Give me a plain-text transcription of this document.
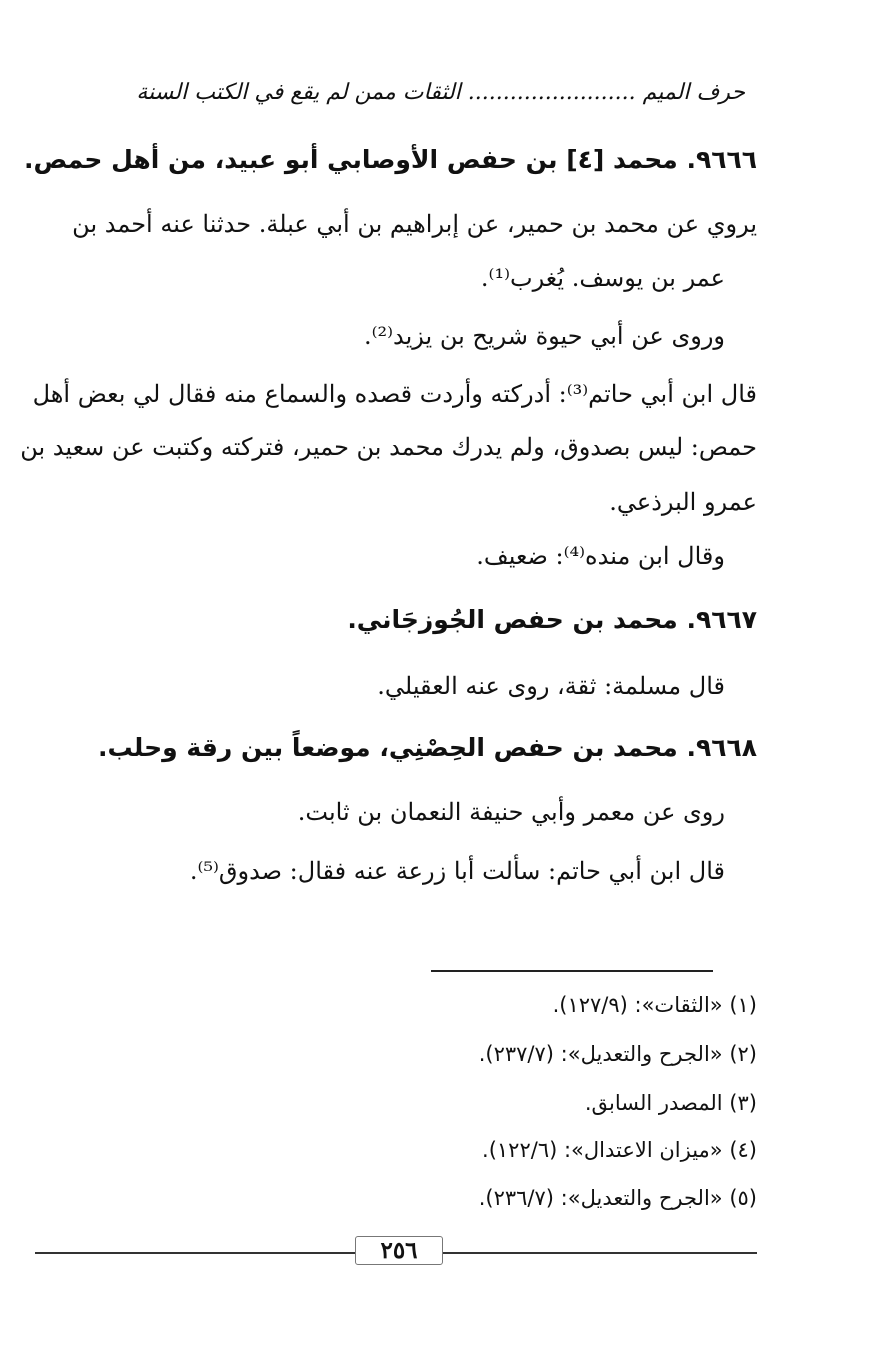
حرف الميم ........................ الثقات ممن لم يقع في الكتب السنة
٩٦٦٦. محمد [٤] بن حفص الأوصابي أبو عبيد، من أهل حمص.
يروي عن محمد بن حمير، عن إبراهيم بن أبي عبلة. حدثنا عنه أحمد بن
عمر بن يوسف. يُغرب⁽¹⁾.
وروى عن أبي حيوة شريح بن يزيد⁽²⁾.
قال ابن أبي حاتم⁽³⁾: أدركته وأردت قصده والسماع منه فقال لي بعض أهل
حمص: ليس بصدوق، ولم يدرك محمد بن حمير، فتركته وكتبت عن سعيد بن
عمرو البرذعي.
وقال ابن منده⁽⁴⁾: ضعيف.
٩٦٦٧. محمد بن حفص الجُوزجَاني.
قال مسلمة: ثقة، روى عنه العقيلي.
٩٦٦٨. محمد بن حفص الحِصْنِي، موضعاً بين رقة وحلب.
روى عن معمر وأبي حنيفة النعمان بن ثابت.
قال ابن أبي حاتم: سألت أبا زرعة عنه فقال: صدوق⁽⁵⁾.
(١) «الثقات»: (١٢٧/٩).
(٢) «الجرح والتعديل»: (٢٣٧/٧).
(٣) المصدر السابق.
(٤) «ميزان الاعتدال»: (١٢٢/٦).
(٥) «الجرح والتعديل»: (٢٣٦/٧).
٢٥٦
